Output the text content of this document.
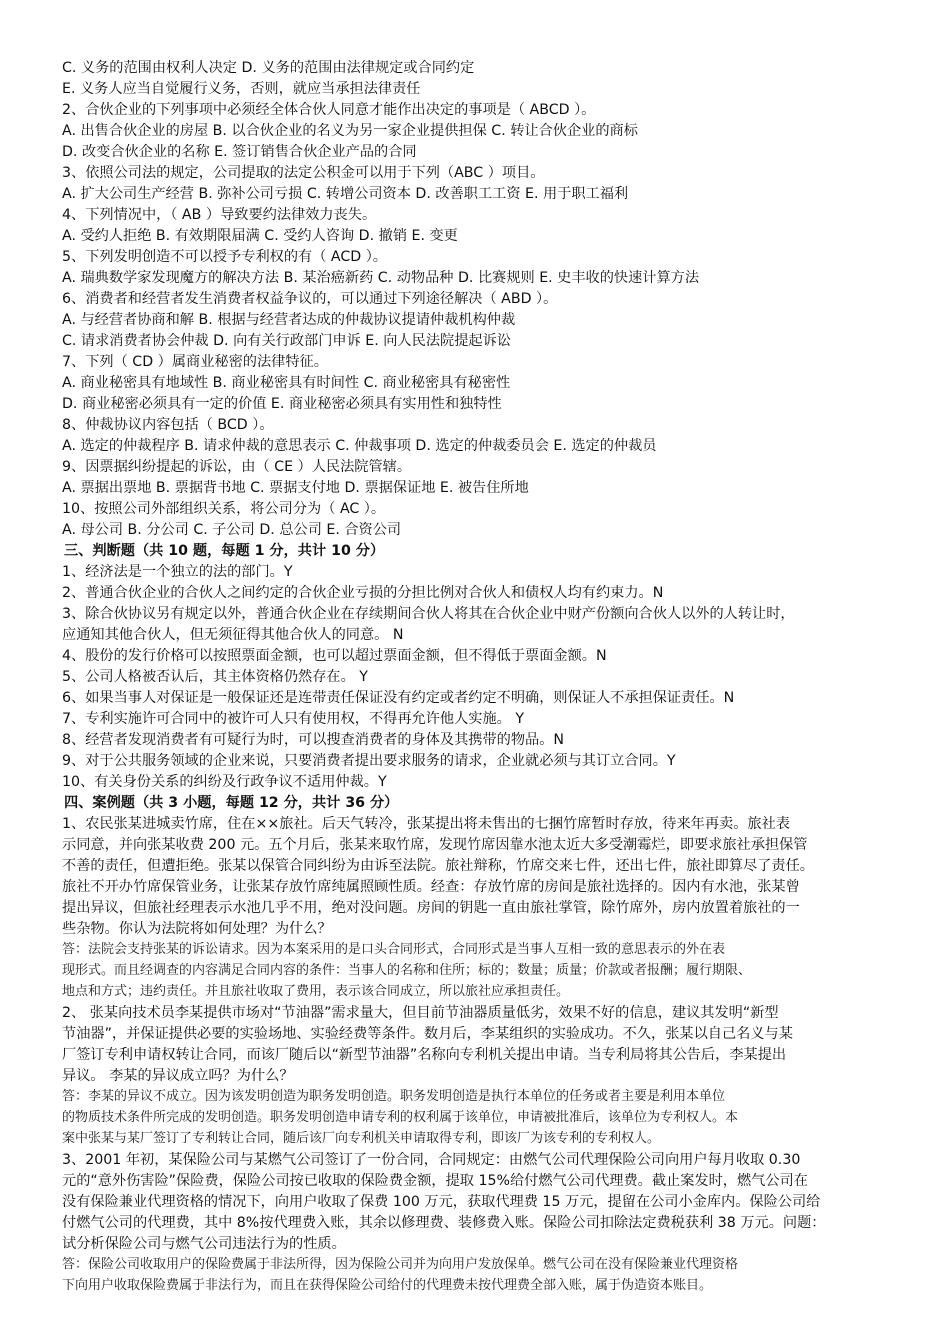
C. 义务的范围由权利人决定 D. 义务的范围由法律规定或合同约定

E. 义务人应当自觉履行义务，否则，就应当承担法律责任

2、合伙企业的下列事项中必须经全体合伙人同意才能作出决定的事项是（ ABCD ）。

A. 出售合伙企业的房屋 B. 以合伙企业的名义为另一家企业提供担保 C. 转让合伙企业的商标

D. 改变合伙企业的名称 E. 签订销售合伙企业产品的合同

3、依照公司法的规定，公司提取的法定公积金可以用于下列（ABC ）项目。

A. 扩大公司生产经营 B. 弥补公司亏损 C. 转增公司资本 D. 改善职工工资 E. 用于职工福利

4、下列情况中，（ AB ）导致要约法律效力丧失。

A. 受约人拒绝 B. 有效期限届满 C. 受约人咨询 D. 撤销 E. 变更

5、下列发明创造不可以授予专利权的有（ ACD ）。

A. 瑞典数学家发现魔方的解决方法 B. 某治癌新药 C. 动物品种 D. 比赛规则 E. 史丰收的快速计算方法

6、消费者和经营者发生消费者权益争议的，可以通过下列途径解决（ ABD ）。

A. 与经营者协商和解 B. 根据与经营者达成的仲裁协议提请仲裁机构仲裁

C. 请求消费者协会仲裁 D. 向有关行政部门申诉 E. 向人民法院提起诉讼

7、下列（ CD ）属商业秘密的法律特征。

A. 商业秘密具有地域性 B. 商业秘密具有时间性 C. 商业秘密具有秘密性

D. 商业秘密必须具有一定的价值 E. 商业秘密必须具有实用性和独特性

8、仲裁协议内容包括（ BCD ）。

A. 选定的仲裁程序 B. 请求仲裁的意思表示 C. 仲裁事项 D. 选定的仲裁委员会 E. 选定的仲裁员

9、因票据纠纷提起的诉讼，由（ CE ）人民法院管辖。

A. 票据出票地 B. 票据背书地 C. 票据支付地 D. 票据保证地 E. 被告住所地

10、按照公司外部组织关系，将公司分为（ AC ）。

A. 母公司 B. 分公司 C. 子公司 D. 总公司 E. 合资公司

三、判断题（共 10 题，每题 1 分，共计 10 分）

1、经济法是一个独立的法的部门。Y

2、普通合伙企业的合伙人之间约定的合伙企业亏损的分担比例对合伙人和债权人均有约束力。N

3、除合伙协议另有规定以外，普通合伙企业在存续期间合伙人将其在合伙企业中财产份额向合伙人以外的人转让时，

应通知其他合伙人，但无须征得其他合伙人的同意。 N

4、股份的发行价格可以按照票面金额，也可以超过票面金额，但不得低于票面金额。N

5、公司人格被否认后，其主体资格仍然存在。 Y

6、如果当事人对保证是一般保证还是连带责任保证没有约定或者约定不明确，则保证人不承担保证责任。N

7、专利实施许可合同中的被许可人只有使用权，不得再允许他人实施。 Y

8、经营者发现消费者有可疑行为时，可以搜查消费者的身体及其携带的物品。N

9、对于公共服务领域的企业来说，只要消费者提出要求服务的请求，企业就必须与其订立合同。Y

10、有关身份关系的纠纷及行政争议不适用仲裁。Y

四、案例题（共 3 小题，每题 12 分，共计 36 分）

1、农民张某进城卖竹席，住在××旅社。后天气转冷，张某提出将未售出的七捆竹席暂时存放，待来年再卖。旅社表

示同意，并向张某收费 200 元。五个月后，张某来取竹席，发现竹席因靠水池太近大多受潮霉烂，即要求旅社承担保管

不善的责任，但遭拒绝。张某以保管合同纠纷为由诉至法院。旅社辩称，竹席交来七件，还出七件，旅社即算尽了责任。

旅社不开办竹席保管业务，让张某存放竹席纯属照顾性质。经查：存放竹席的房间是旅社选择的。因内有水池，张某曾

提出异议，但旅社经理表示水池几乎不用，绝对没问题。房间的钥匙一直由旅社掌管，除竹席外，房内放置着旅社的一

些杂物。你认为法院将如何处理？为什么？

答：法院会支持张某的诉讼请求。因为本案采用的是口头合同形式，合同形式是当事人互相一致的意思表示的外在表

现形式。而且经调查的内容满足合同内容的条件：当事人的名称和住所；标的；数量；质量；价款或者报酬；履行期限、

地点和方式；违约责任。并且旅社收取了费用，表示该合同成立，所以旅社应承担责任。

2、 张某向技术员李某提供市场对“节油器”需求量大，但目前节油器质量低劣，效果不好的信息，建议其发明“新型

节油器”，并保证提供必要的实验场地、实验经费等条件。数月后，李某组织的实验成功。不久，张某以自己名义与某

厂签订专利申请权转让合同，而该厂随后以“新型节油器”名称向专利机关提出申请。当专利局将其公告后，李某提出

异议。 李某的异议成立吗？为什么？

答：李某的异议不成立。因为该发明创造为职务发明创造。职务发明创造是执行本单位的任务或者主要是利用本单位

的物质技术条件所完成的发明创造。职务发明创造申请专利的权利属于该单位，申请被批准后，该单位为专利权人。本

案中张某与某厂签订了专利转让合同，随后该厂向专利机关申请取得专利，即该厂为该专利的专利权人。

3、2001 年初，某保险公司与某燃气公司签订了一份合同，合同规定：由燃气公司代理保险公司向用户每月收取 0.30

元的“意外伤害险”保险费，保险公司按已收取的保险费金额，提取 15%给付燃气公司代理费。截止案发时，燃气公司在

没有保险兼业代理资格的情况下，向用户收取了保费 100 万元，获取代理费 15 万元，提留在公司小金库内。保险公司给

付燃气公司的代理费，其中 8%按代理费入账，其余以修理费、装修费入账。保险公司扣除法定费税获利 38 万元。问题：

试分析保险公司与燃气公司违法行为的性质。

答：保险公司收取用户的保险费属于非法所得，因为保险公司并为向用户发放保单。燃气公司在没有保险兼业代理资格

下向用户收取保险费属于非法行为，而且在获得保险公司给付的代理费未按代理费全部入账，属于伪造资本账目。
